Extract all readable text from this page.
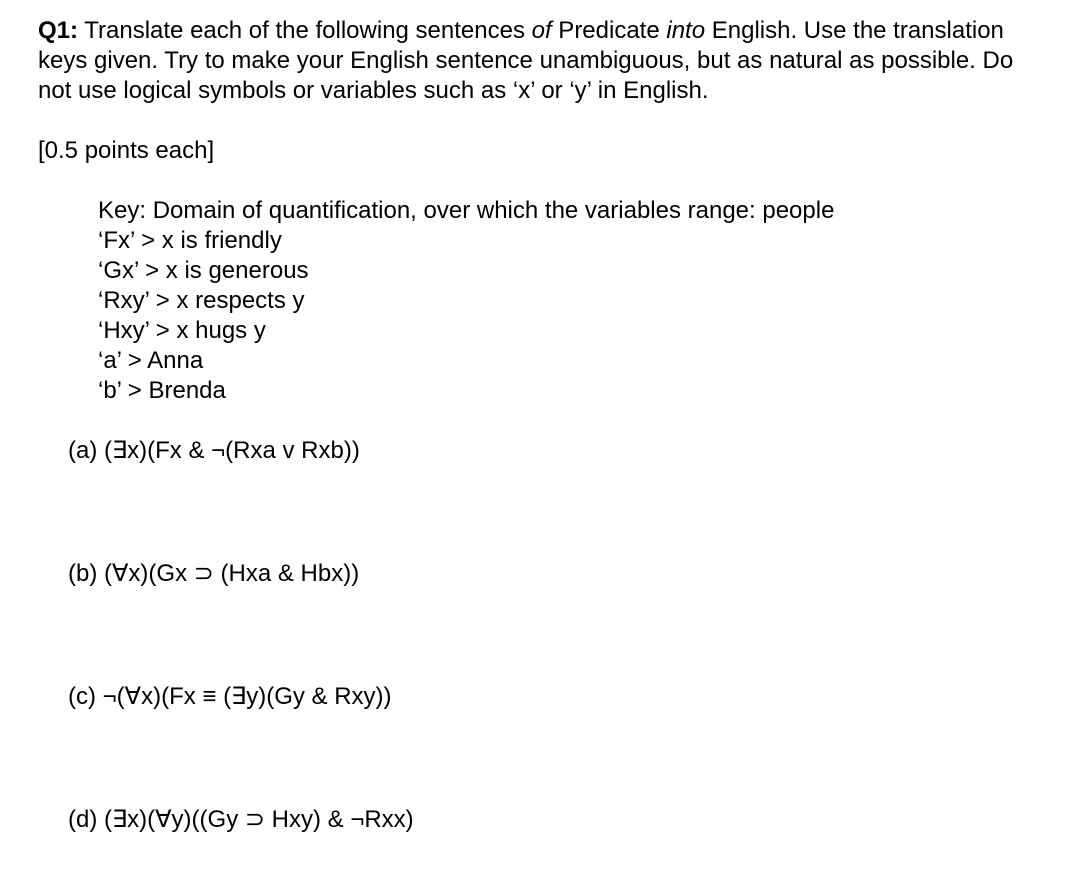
Q1: Translate each of the following sentences of Predicate into English. Use the translation keys given. Try to make your English sentence unambiguous, but as natural as possible. Do not use logical symbols or variables such as ‘x’ or ‘y’ in English.

[0.5 points each]
Key: Domain of quantification, over which the variables range: people
‘Fx’ > x is friendly
‘Gx’ > x is generous
‘Rxy’ > x respects y
‘Hxy’ > x hugs y
‘a’ > Anna
‘b’ > Brenda
(a) (∃x)(Fx & ¬(Rxa v Rxb))
(b) (∀x)(Gx ⊃ (Hxa & Hbx))
(c) ¬(∀x)(Fx ≡ (∃y)(Gy & Rxy))
(d) (∃x)(∀y)((Gy ⊃ Hxy) & ¬Rxx)
